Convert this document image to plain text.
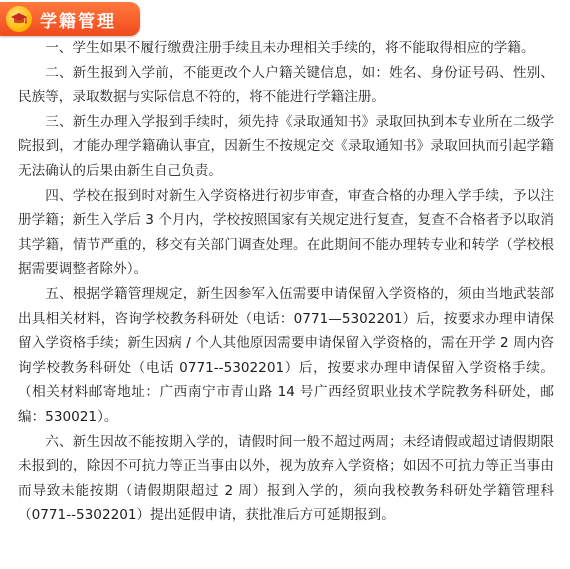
学籍管理

一、学生如果不履行缴费注册手续且未办理相关手续的，将不能取得相应的学籍。

二、新生报到入学前，不能更改个人户籍关键信息，如：姓名、身份证号码、性别、民族等，录取数据与实际信息不符的，将不能进行学籍注册。

三、新生办理入学报到手续时，须先持《录取通知书》录取回执到本专业所在二级学院报到，才能办理学籍确认事宜，因新生不按规定交《录取通知书》录取回执而引起学籍无法确认的后果由新生自己负责。

四、学校在报到时对新生入学资格进行初步审查，审查合格的办理入学手续，予以注册学籍；新生入学后 3 个月内，学校按照国家有关规定进行复查，复查不合格者予以取消其学籍，情节严重的，移交有关部门调查处理。在此期间不能办理转专业和转学（学校根据需要调整者除外）。

五、根据学籍管理规定，新生因参军入伍需要申请保留入学资格的，须由当地武装部出具相关材料，咨询学校教务科研处（电话：0771—5302201）后，按要求办理申请保留入学资格手续；新生因病 / 个人其他原因需要申请保留入学资格的，需在开学 2 周内咨询学校教务科研处（电话 0771--5302201）后，按要求办理申请保留入学资格手续。（相关材料邮寄地址：广西南宁市青山路 14 号广西经贸职业技术学院教务科研处，邮编：530021）。

六、新生因故不能按期入学的，请假时间一般不超过两周；未经请假或超过请假期限未报到的，除因不可抗力等正当事由以外，视为放弃入学资格；如因不可抗力等正当事由而导致未能按期（请假期限超过 2 周）报到入学的，须向我校教务科研处学籍管理科（0771--5302201）提出延假申请，获批准后方可延期报到。
